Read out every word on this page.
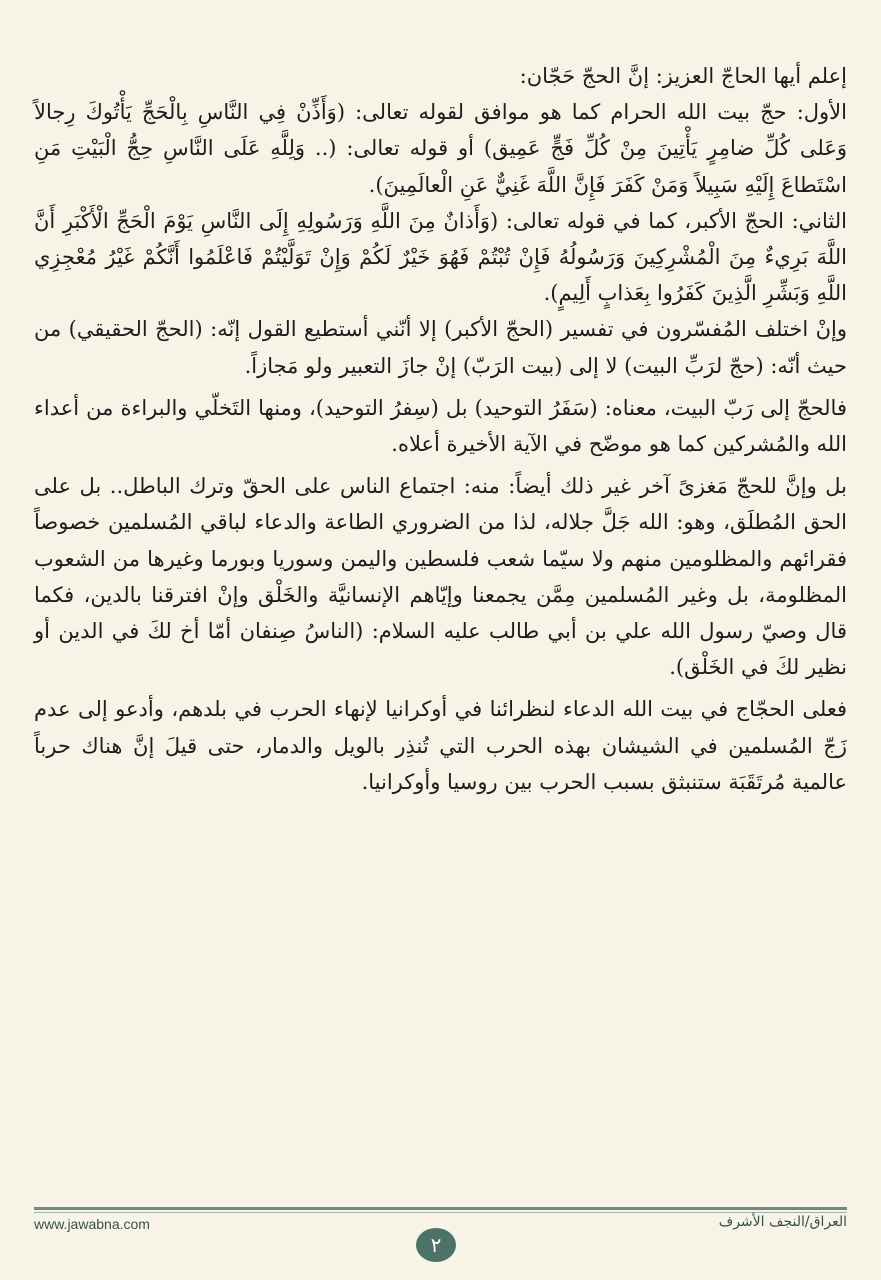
إعلم أيها الحاجّ العزيز: إنَّ الحجّ حَجّان:

الأول: حجّ بيت الله الحرام كما هو موافق لقوله تعالى: (وَأَذِّنْ فِي النَّاسِ بِالْحَجِّ يَأْتُوكَ رِجالاً وَعَلى كُلِّ ضامِرٍ يَأْتِينَ مِنْ كُلِّ فَجٍّ عَمِيق) أو قوله تعالى: (.. وَلِلَّهِ عَلَى النَّاسِ حِجُّ الْبَيْتِ مَنِ اسْتَطاعَ إِلَيْهِ سَبِيلاً وَمَنْ كَفَرَ فَإِنَّ اللَّهَ غَنِيٌّ عَنِ الْعالَمِينَ).

الثاني: الحجّ الأكبر، كما في قوله تعالى: (وَأَذانٌ مِنَ اللَّهِ وَرَسُولِهِ إِلَى النَّاسِ يَوْمَ الْحَجِّ الْأَكْبَرِ أَنَّ اللَّهَ بَرِيءٌ مِنَ الْمُشْرِكِينَ وَرَسُولُهُ فَإِنْ تُبْتُمْ فَهُوَ خَيْرٌ لَكُمْ وَإِنْ تَوَلَّيْتُمْ فَاعْلَمُوا أَنَّكُمْ غَيْرُ مُعْجِزِي اللَّهِ وَبَشِّرِ الَّذِينَ كَفَرُوا بِعَذابٍ أَلِيمٍ).

وإنْ اختلف المُفسّرون في تفسير (الحجّ الأكبر) إلا أنّني أستطيع القول إنّه: (الحجّ الحقيقي) من حيث أنّه: (حجّ لرَبِّ البيت) لا إلى (بيت الرَبّ) إنْ جازَ التعبير ولو مَجازاً.

فالحجّ إلى رَبّ البيت، معناه: (سَفَرُ التوحيد) بل (سِفرُ التوحيد)، ومنها التَخلّي والبراءة من أعداء الله والمُشركين كما هو موضّح في الآية الأخيرة أعلاه.

بل وإنَّ للحجّ مَغزىً آخر غير ذلك أيضاً: منه: اجتماع الناس على الحقّ وترك الباطل.. بل على الحق المُطلَق، وهو: الله جَلَّ جلاله، لذا من الضروري الطاعة والدعاء لباقي المُسلمين خصوصاً فقرائهم والمظلومين منهم ولا سيّما شعب فلسطين واليمن وسوريا وبورما وغيرها من الشعوب المظلومة، بل وغير المُسلمين مِمَّن يجمعنا وإيّاهم الإنسانيَّة والخَلْق وإنْ افترقنا بالدين، فكما قال وصيّ رسول الله علي بن أبي طالب عليه السلام: (الناسُ صِنفان أمّا أخ لكَ في الدين أو نظير لكَ في الخَلْق).

فعلى الحجّاج في بيت الله الدعاء لنظرائنا في أوكرانيا لإنهاء الحرب في بلدهم، وأدعو إلى عدم زَجّ المُسلمين في الشيشان بهذه الحرب التي تُنذِر بالويل والدمار، حتى قيلَ إنَّ هناك حرباً عالمية مُرتَقَبَة ستنبثق بسبب الحرب بين روسيا وأوكرانيا.

www.jawabna.com	العراق/النجف الأشرف
٢
